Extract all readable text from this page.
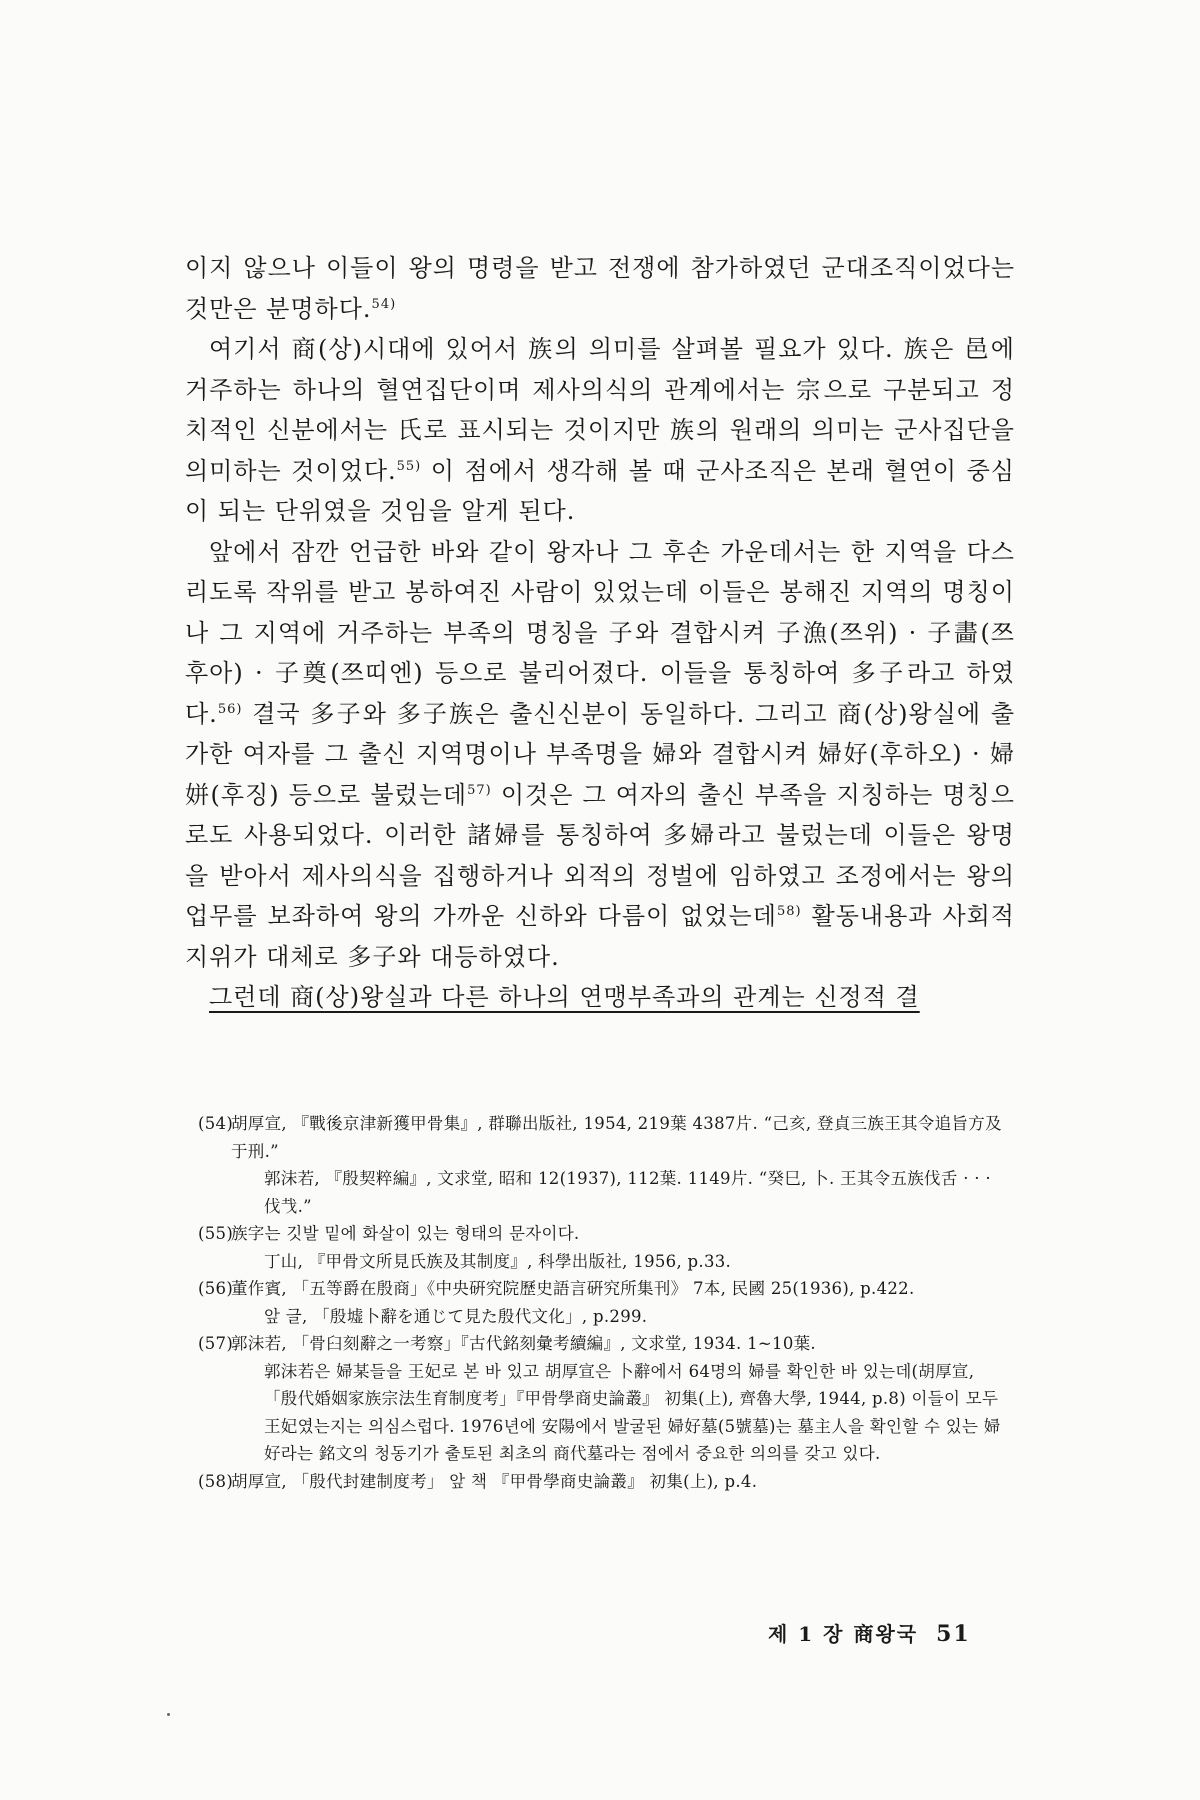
이지 않으나 이들이 왕의 명령을 받고 전쟁에 참가하였던 군대조직이었다는 것만은 분명하다.$^{54)}$

여기서 商(상)시대에 있어서 族의 의미를 살펴볼 필요가 있다. 族은 邑에 거주하는 하나의 혈연집단이며 제사의식의 관계에서는 宗으로 구분되고 정치적인 신분에서는 氏로 표시되는 것이지만 族의 원래의 의미는 군사집단을 의미하는 것이었다.$^{55)}$ 이 점에서 생각해 볼 때 군사조직은 본래 혈연이 중심이 되는 단위였을 것임을 알게 된다.

앞에서 잠깐 언급한 바와 같이 왕자나 그 후손 가운데서는 한 지역을 다스리도록 작위를 받고 봉하여진 사람이 있었는데 이들은 봉해진 지역의 명칭이나 그 지역에 거주하는 부족의 명칭을 子와 결합시켜 子漁(쯔위) · 子畵(쯔후아) · 子奠(쯔띠엔) 등으로 불리어졌다. 이들을 통칭하여 多子라고 하였다.$^{56)}$ 결국 多子와 多子族은 출신신분이 동일하다. 그리고 商(상)왕실에 출가한 여자를 그 출신 지역명이나 부족명을 婦와 결합시켜 婦好(후하오) · 婦姘(후징) 등으로 불렀는데$^{57)}$ 이것은 그 여자의 출신 부족을 지칭하는 명칭으로도 사용되었다. 이러한 諸婦를 통칭하여 多婦라고 불렀는데 이들은 왕명을 받아서 제사의식을 집행하거나 외적의 정벌에 임하였고 조정에서는 왕의 업무를 보좌하여 왕의 가까운 신하와 다름이 없었는데$^{58)}$ 활동내용과 사회적 지위가 대체로 多子와 대등하였다.

그런데 商(상)왕실과 다른 하나의 연맹부족과의 관계는 신정적 결

(54)
胡厚宣, 『戰後京津新獲甲骨集』, 群聯出版社, 1954, 219葉 4387片. “己亥, 登貞三族王其令追旨方及于刑.”

郭沫若, 『殷契粹編』, 文求堂, 昭和 12(1937), 112葉. 1149片. “癸巳, 卜. 王其令五族伐舌 · · · 伐𢦏.”

(55)
族字는 깃발 밑에 화살이 있는 형태의 문자이다.

丁山, 『甲骨文所見氏族及其制度』, 科學出版社, 1956, p.33.

(56)
董作賓, 「五等爵在殷商」《中央硏究院歷史語言硏究所集刊》 7本, 民國 25(1936), p.422.

앞 글, 「殷墟卜辭を通じて見た殷代文化」, p.299.

(57)
郭沫若, 「骨臼刻辭之一考察」『古代銘刻彙考續編』, 文求堂, 1934. 1~10葉.

郭沫若은 婦某들을 王妃로 본 바 있고 胡厚宣은 卜辭에서 64명의 婦를 확인한 바 있는데(胡厚宣, 「殷代婚姻家族宗法生育制度考」『甲骨學商史論叢』 初集(上), 齊魯大學, 1944, p.8) 이들이 모두 王妃였는지는 의심스럽다. 1976년에 安陽에서 발굴된 婦好墓(5號墓)는 墓主人을 확인할 수 있는 婦好라는 銘文의 청동기가 출토된 최초의 商代墓라는 점에서 중요한 의의를 갖고 있다.

(58)
胡厚宣, 「殷代封建制度考」 앞 책 『甲骨學商史論叢』 初集(上), p.4.
제 1 장 商왕국 51
